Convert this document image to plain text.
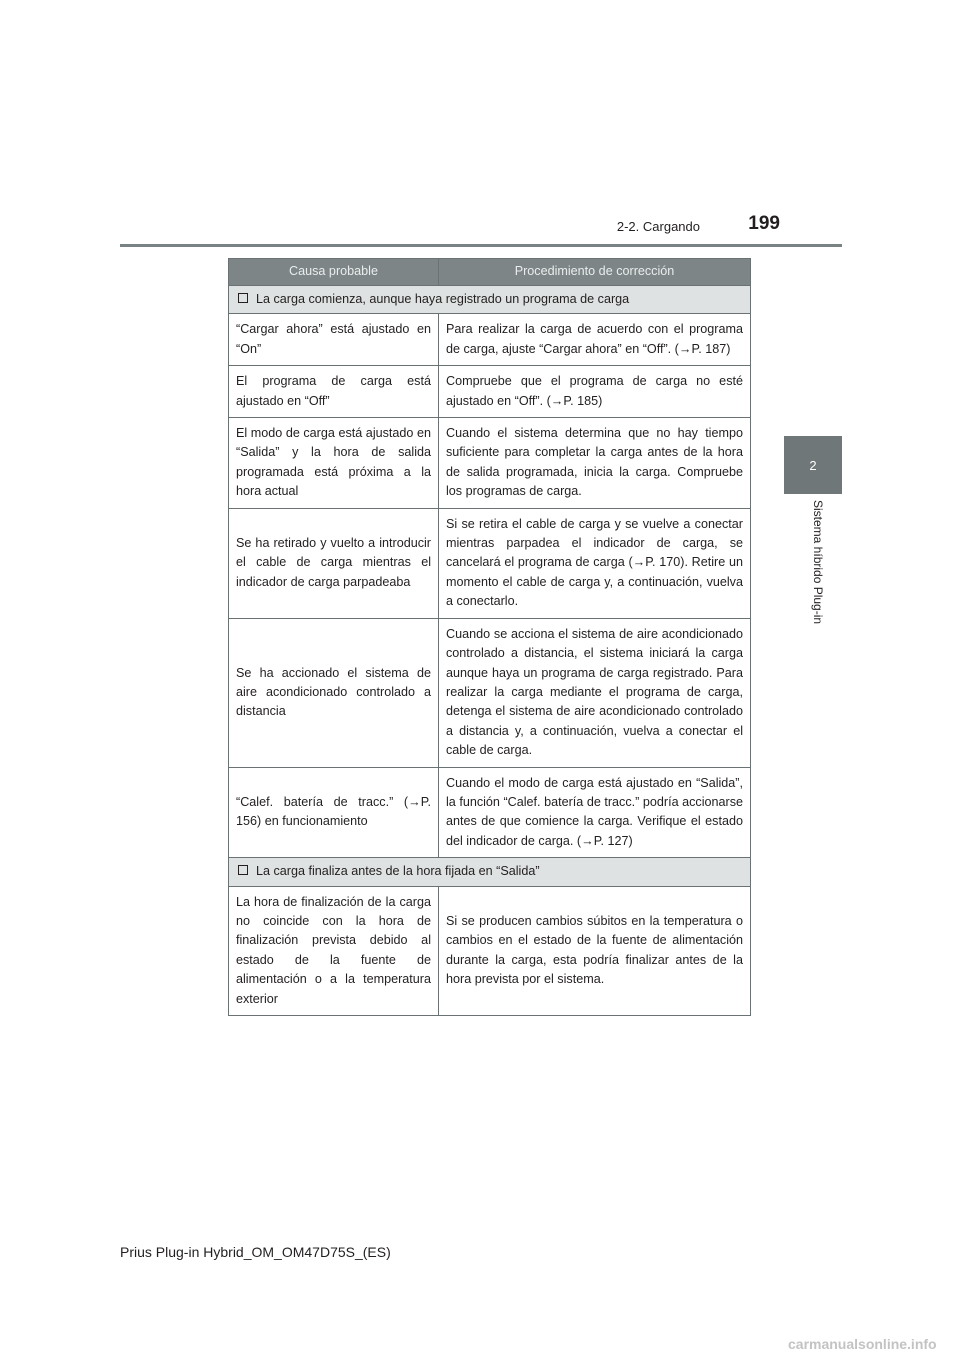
2-2. Cargando	199
2
Sistema híbrido Plug-in
Causa probable	Procedimiento de corrección
La carga comienza, aunque haya registrado un programa de carga	
“Cargar ahora” está ajustado en “On”	Para realizar la carga de acuerdo con el programa de carga, ajuste “Cargar ahora” en “Off”. (→P. 187)
El programa de carga está ajustado en “Off”	Compruebe que el programa de carga no esté ajustado en “Off”. (→P. 185)
El modo de carga está ajustado en “Salida” y la hora de salida programada está próxima a la hora actual	Cuando el sistema determina que no hay tiempo suficiente para completar la carga antes de la hora de salida programada, inicia la carga. Compruebe los programas de carga.
Se ha retirado y vuelto a introducir el cable de carga mientras el indicador de carga parpadeaba	Si se retira el cable de carga y se vuelve a conectar mientras parpadea el indicador de carga, se cancelará el programa de carga (→P. 170). Retire un momento el cable de carga y, a continuación, vuelva a conectarlo.
Se ha accionado el sistema de aire acondicionado controlado a distancia	Cuando se acciona el sistema de aire acondicionado controlado a distancia, el sistema iniciará la carga aunque haya un programa de carga registrado. Para realizar la carga mediante el programa de carga, detenga el sistema de aire acondicionado controlado a distancia y, a continuación, vuelva a conectar el cable de carga.
“Calef. batería de tracc.” (→P. 156) en funcionamiento	Cuando el modo de carga está ajustado en “Salida”, la función “Calef. batería de tracc.” podría accionarse antes de que comience la carga. Verifique el estado del indicador de carga. (→P. 127)
La carga finaliza antes de la hora fijada en “Salida”	
La hora de finalización de la carga no coincide con la hora de finalización prevista debido al estado de la fuente de alimentación o a la temperatura exterior	Si se producen cambios súbitos en la temperatura o cambios en el estado de la fuente de alimentación durante la carga, esta podría finalizar antes de la hora prevista por el sistema.
Prius Plug-in Hybrid_OM_OM47D75S_(ES)
carmanualsonline.info
